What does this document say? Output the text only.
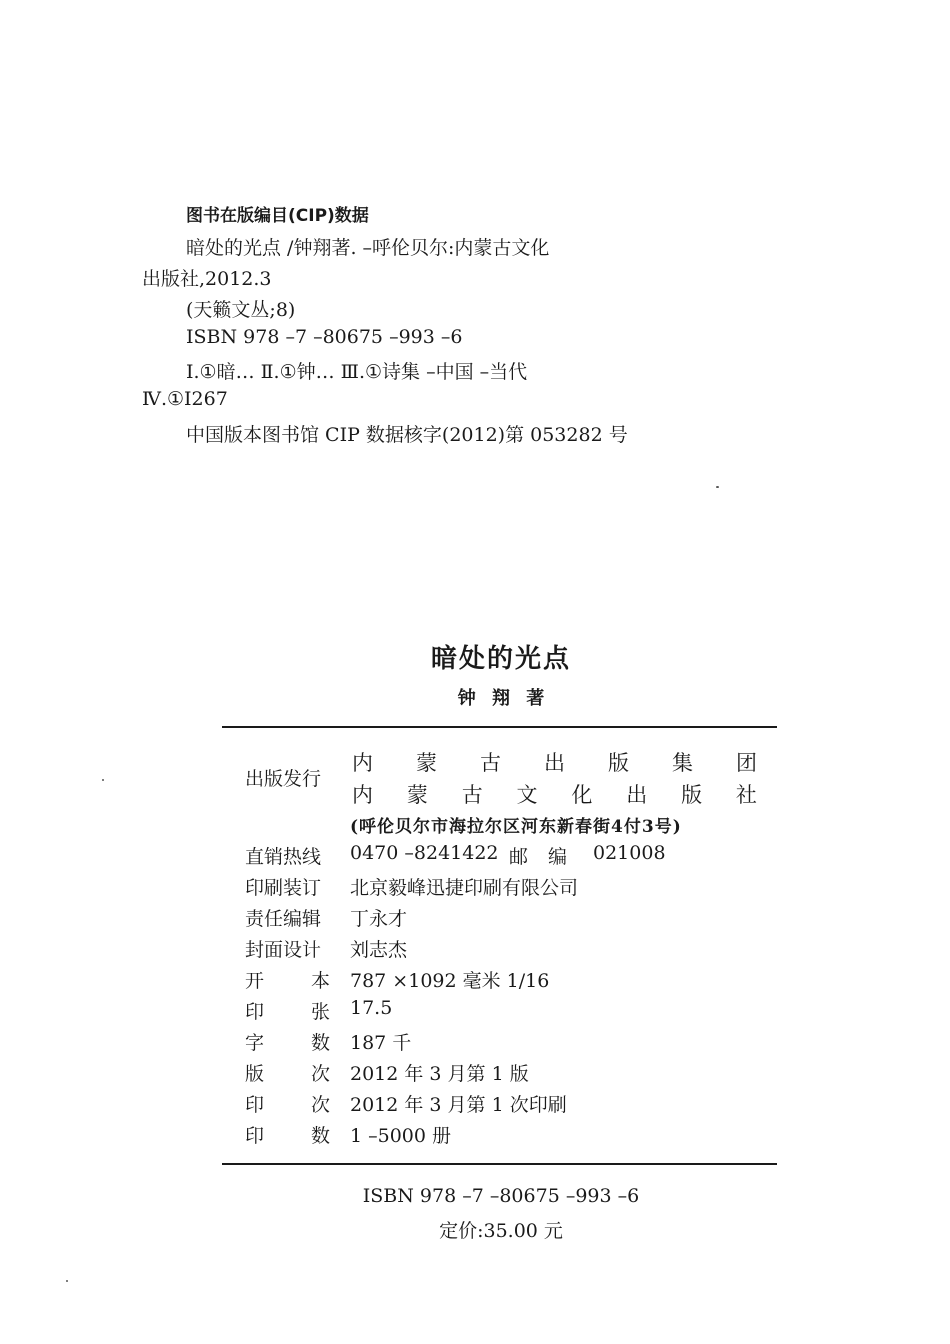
图书在版编目(CIP)数据
暗处的光点 /钟翔著. –呼伦贝尔:内蒙古文化
出版社,2012.3
(天籁文丛;8)
ISBN 978 –7 –80675 –993 –6
Ⅰ.①暗… Ⅱ.①钟… Ⅲ.①诗集 –中国 –当代
Ⅳ.①I267
中国版本图书馆 CIP 数据核字(2012)第 053282 号
暗处的光点
钟 翔 著
出版发行
内 蒙 古 出 版 集 团
内 蒙 古 文 化 出 版 社
(呼伦贝尔市海拉尔区河东新春街4付3号)
直销热线 0470 –8241422 邮 编 021008
印刷装订 北京毅峰迅捷印刷有限公司
责任编辑 丁永才
封面设计 刘志杰
开 本 787 ×1092 毫米 1/16
印 张 17.5
字 数 187 千
版 次 2012 年 3 月第 1 版
印 次 2012 年 3 月第 1 次印刷
印 数 1 –5000 册
ISBN 978 –7 –80675 –993 –6
定价:35.00 元
